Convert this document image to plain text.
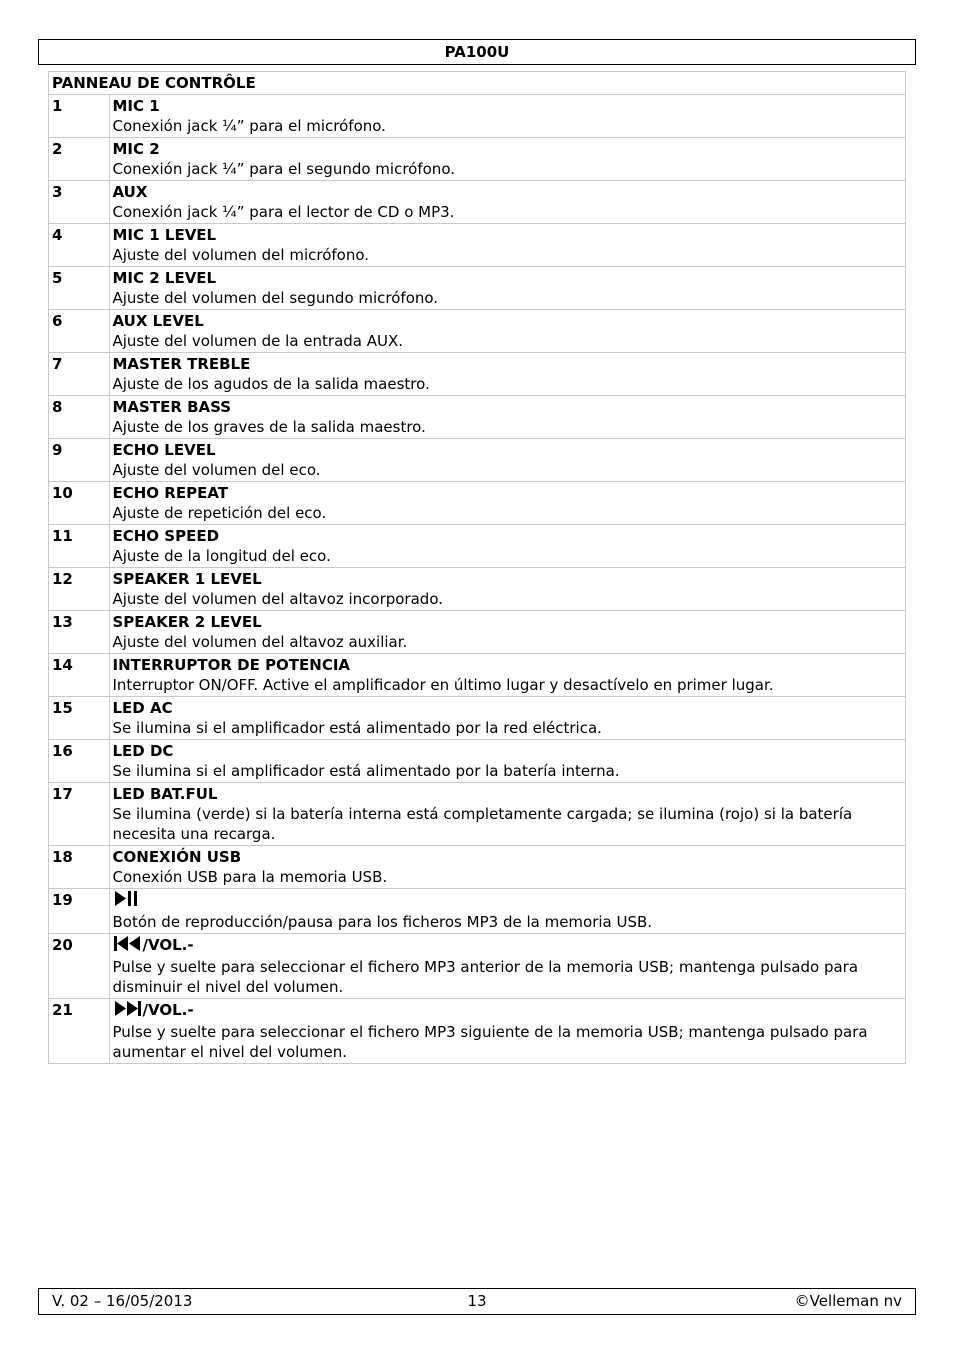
PA100U
PANNEAU DE CONTRÔLE	
1	MIC 1
Conexión jack ¼” para el micrófono.

2	MIC 2
Conexión jack ¼” para el segundo micrófono.

3	AUX
Conexión jack ¼” para el lector de CD o MP3.

4	MIC 1 LEVEL
Ajuste del volumen del micrófono.

5	MIC 2 LEVEL
Ajuste del volumen del segundo micrófono.

6	AUX LEVEL
Ajuste del volumen de la entrada AUX.

7	MASTER TREBLE
Ajuste de los agudos de la salida maestro.

8	MASTER BASS
Ajuste de los graves de la salida maestro.

9	ECHO LEVEL
Ajuste del volumen del eco.

10	ECHO REPEAT
Ajuste de repetición del eco.

11	ECHO SPEED
Ajuste de la longitud del eco.

12	SPEAKER 1 LEVEL
Ajuste del volumen del altavoz incorporado.

13	SPEAKER 2 LEVEL
Ajuste del volumen del altavoz auxiliar.

14	INTERRUPTOR DE POTENCIA
Interruptor ON/OFF. Active el amplificador en último lugar y desactívelo en primer lugar.

15	LED AC
Se ilumina si el amplificador está alimentado por la red eléctrica.

16	LED DC
Se ilumina si el amplificador está alimentado por la batería interna.

17	LED BAT.FUL
Se ilumina (verde) si la batería interna está completamente cargada; se ilumina (rojo) si la batería necesita una recarga.

18	CONEXIÓN USB
Conexión USB para la memoria USB.

19	Botón de reproducción/pausa para los ficheros MP3 de la memoria USB.

20	/VOL.-
Pulse y suelte para seleccionar el fichero MP3 anterior de la memoria USB; mantenga pulsado para disminuir el nivel del volumen.

21	/VOL.-
Pulse y suelte para seleccionar el fichero MP3 siguiente de la memoria USB; mantenga pulsado para aumentar el nivel del volumen.
V. 02 – 16/05/2013	13	©Velleman nv
